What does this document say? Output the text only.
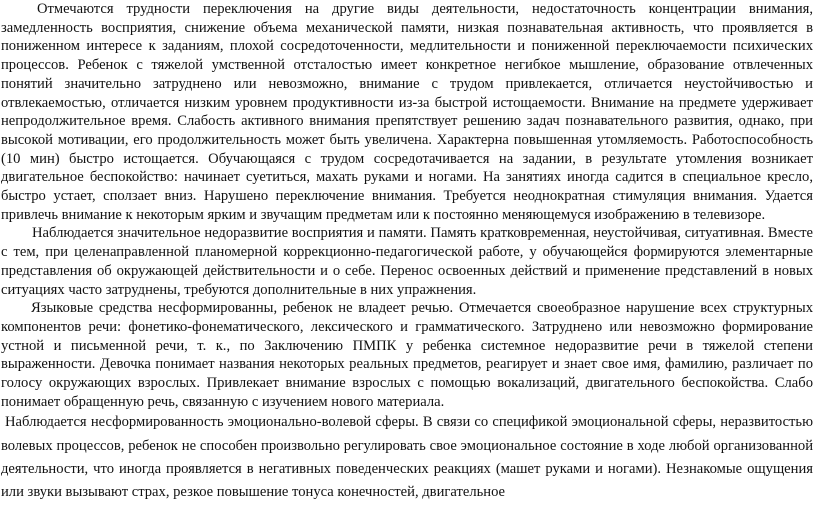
Отмечаются трудности переключения на другие виды деятельности, недостаточность концентрации внимания, замедленность восприятия, снижение объема механической памяти, низкая познавательная активность, что проявляется в пониженном интересе к заданиям, плохой сосредоточенности, медлительности и пониженной переключаемости психических процессов. Ребенок с тяжелой умственной отсталостью имеет конкретное негибкое мышление, образование отвлеченных понятий значительно затруднено или невозможно, внимание с трудом привлекается, отличается неустойчивостью и отвлекаемостью, отличается низким уровнем продуктивности из-за быстрой истощаемости. Внимание на предмете удерживает непродолжительное время. Слабость активного внимания препятствует решению задач познавательного развития, однако, при высокой мотивации, его продолжительность может быть увеличена. Характерна повышенная утомляемость. Работоспособность (10 мин) быстро истощается. Обучающаяся с трудом сосредотачивается на задании, в результате утомления возникает двигательное беспокойство: начинает суетиться, махать руками и ногами. На занятиях иногда садится в специальное кресло, быстро устает, сползает вниз. Нарушено переключение внимания. Требуется неоднократная стимуляция внимания. Удается привлечь внимание к некоторым ярким и звучащим предметам или к постоянно меняющемуся изображению в телевизоре.

Наблюдается значительное недоразвитие восприятия и памяти. Память кратковременная, неустойчивая, ситуативная. Вместе с тем, при целенаправленной планомерной коррекционно-педагогической работе, у обучающейся формируются элементарные представления об окружающей действительности и о себе. Перенос освоенных действий и применение представлений в новых ситуациях часто затруднены, требуются дополнительные в них упражнения.

Языковые средства несформированны, ребенок не владеет речью. Отмечается своеобразное нарушение всех структурных компонентов речи: фонетико-фонематического, лексического и грамматического. Затруднено или невозможно формирование устной и письменной речи, т. к., по Заключению ПМПК у ребенка системное недоразвитие речи в тяжелой степени выраженности. Девочка понимает названия некоторых реальных предметов, реагирует и знает свое имя, фамилию, различает по голосу окружающих взрослых. Привлекает внимание взрослых с помощью вокализаций, двигательного беспокойства. Слабо понимает обращенную речь, связанную с изучением нового материала.

Наблюдается несформированность эмоционально-волевой сферы. В связи со спецификой эмоциональной сферы, неразвитостью волевых процессов, ребенок не способен произвольно регулировать свое эмоциональное состояние в ходе любой организованной деятельности, что иногда проявляется в негативных поведенческих реакциях (машет руками и ногами). Незнакомые ощущения или звуки вызывают страх, резкое повышение тонуса конечностей, двигательное
